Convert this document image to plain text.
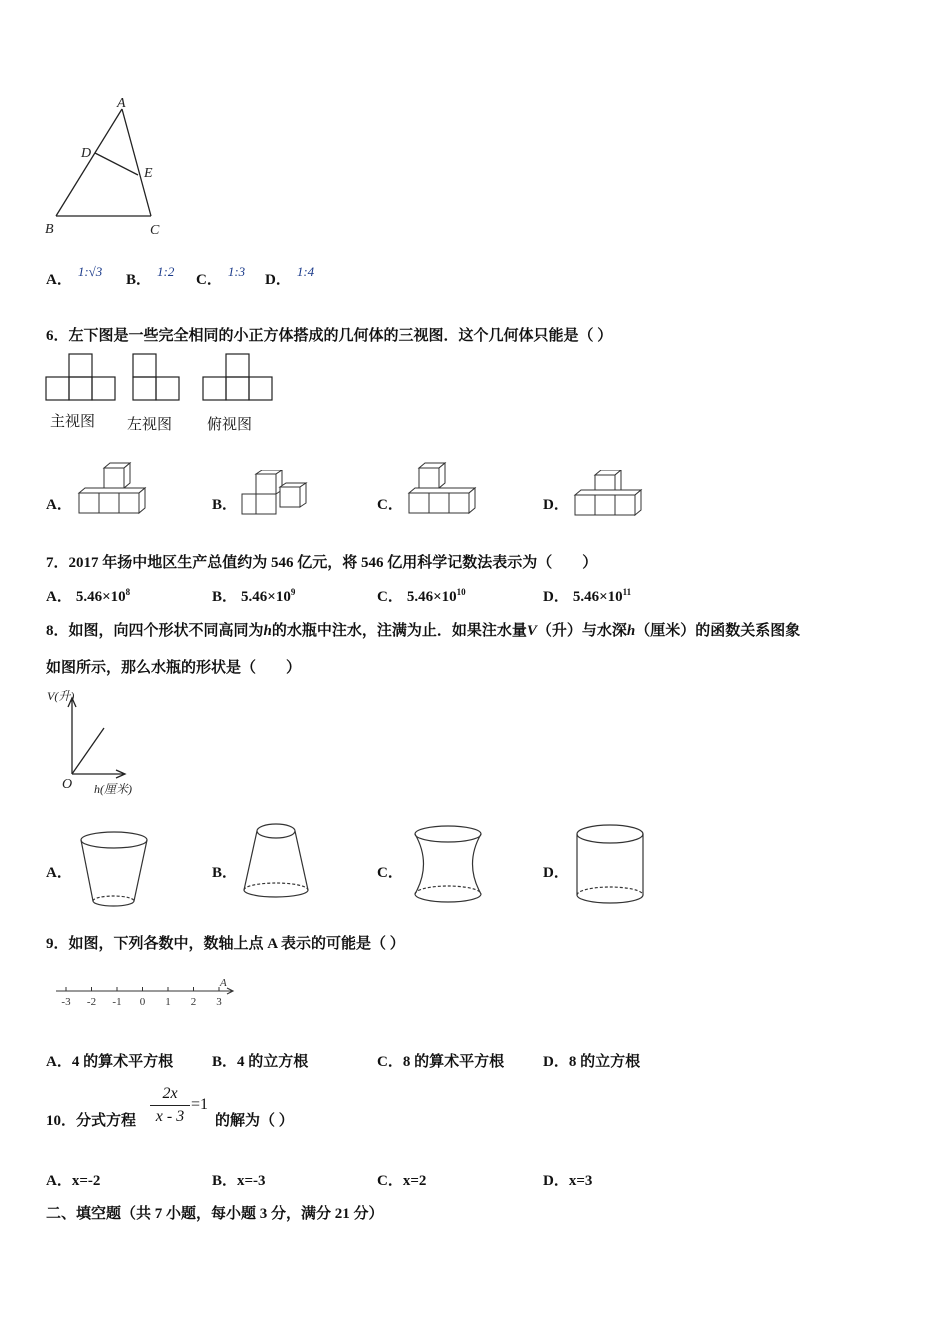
A
D
E
B	C
A．1:√3
B．1:2
C．1:3
D．1:4
6．左下图是一些完全相同的小正方体搭成的几何体的三视图．这个几何体只能是（ ）
主视图 左视图 俯视图
A．	B．	C．	D．
7．2017 年扬中地区生产总值约为 546 亿元，将 546 亿用科学记数法表示为（　　）
A． $5.46\times 10^8$	B． $5.46\times 10^9$	C． $5.46\times 10^{10}$	D． $5.46\times 10^{11}$
8．如图，向四个形状不同高同为h的水瓶中注水，注满为止．如果注水量V（升）与水深h（厘米）的函数关系图象
如图所示，那么水瓶的形状是（　　）
V(升)
O h(厘米)
A．	B．	C．	D．
9．如图，下列各数中，数轴上点 A 表示的可能是（ ）
-3 -2 -1 0 1 2 3
A
A．4 的算术平方根	B．4 的立方根	C．8 的算术平方根	D．8 的立方根
10．分式方程
2x
x - 3
=1
的解为（ ）
A．x=-2	B．x=-3	C．x=2	D．x=3
二、填空题（共 7 小题，每小题 3 分，满分 21 分）
